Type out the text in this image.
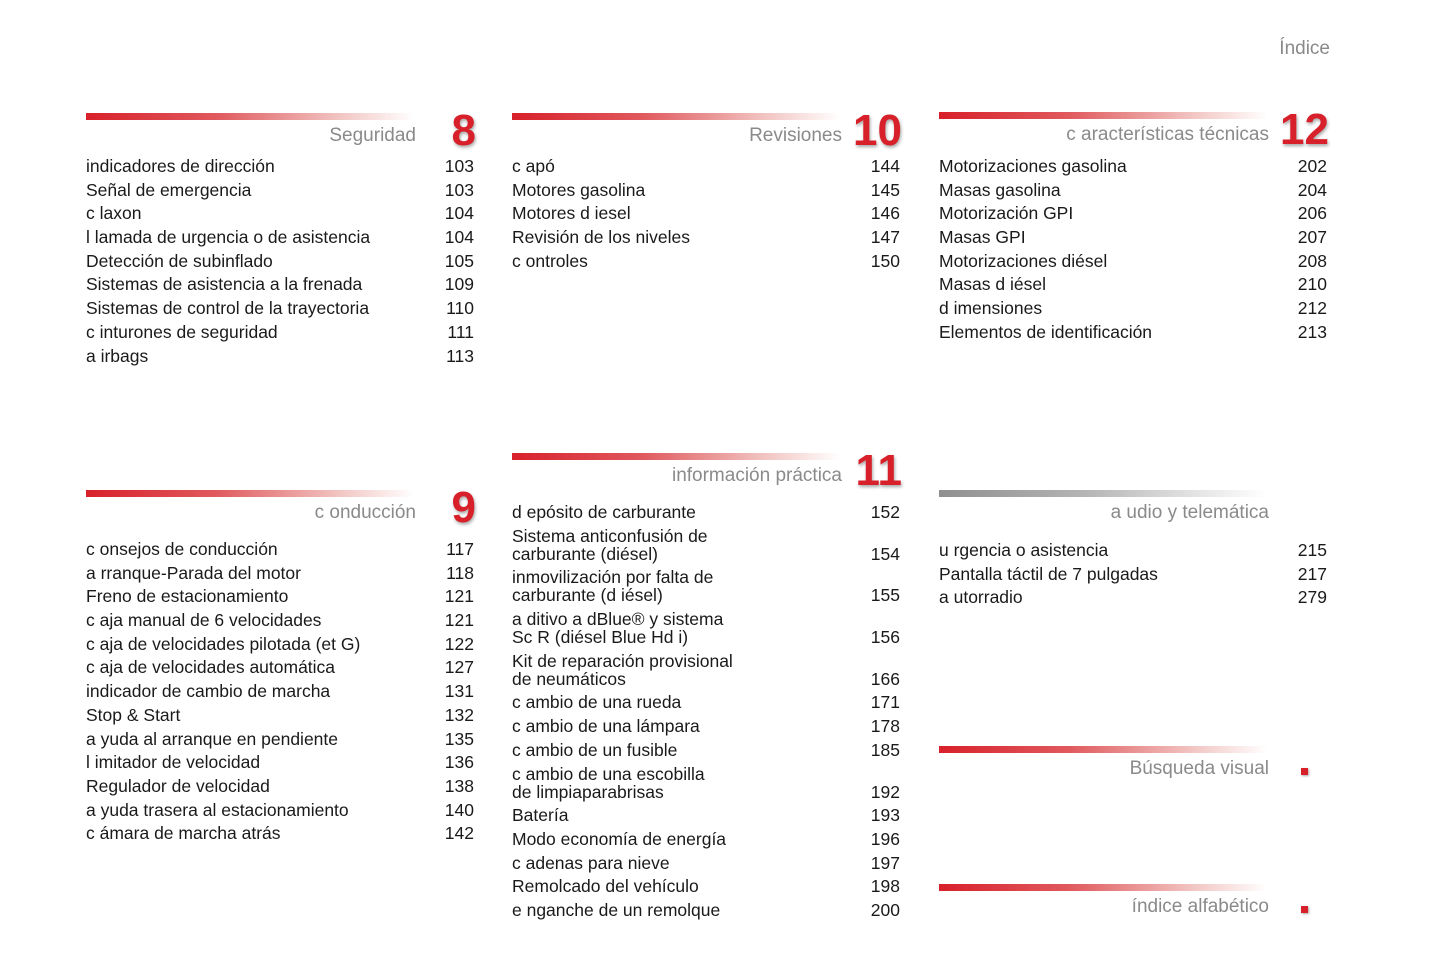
Índice
Seguridad 8
indicadores de dirección	103
Señal de emergencia	103
c laxon	104
l lamada de urgencia o de asistencia	104
Detección de subinflado	105
Sistemas de asistencia a la frenada	109
Sistemas de control de la trayectoria	110
c inturones de seguridad	111
a irbags	113
Revisiones 10
c apó	144
Motores gasolina	145
Motores d iesel	146
Revisión de los niveles	147
c ontroles	150
c aracterísticas técnicas 12
Motorizaciones gasolina	202
Masas gasolina	204
Motorización GPI	206
Masas GPI	207
Motorizaciones diésel	208
Masas d iésel	210
d imensiones	212
Elementos de identificación	213
c onducción 9
c onsejos de conducción	117
a rranque-Parada del motor	118
Freno de estacionamiento	121
c aja manual de 6 velocidades	121
c aja de velocidades pilotada (et G)	122
c aja de velocidades automática	127
indicador de cambio de marcha	131
Stop & Start	132
a yuda al arranque en pendiente	135
l imitador de velocidad	136
Regulador de velocidad	138
a yuda trasera al estacionamiento	140
c ámara de marcha atrás	142
información práctica 11
d epósito de carburante	152
Sistema anticonfusión de
carburante (diésel)	154
inmovilización por falta de
carburante (d iésel)	155
a ditivo a dBlue® y sistema
Sc R (diésel Blue Hd i)	156
Kit de reparación provisional
de neumáticos	166
c ambio de una rueda	171
c ambio de una lámpara	178
c ambio de un fusible	185
c ambio de una escobilla
de limpiaparabrisas	192
Batería	193
Modo economía de energía	196
c adenas para nieve	197
Remolcado del vehículo	198
e nganche de un remolque	200
a udio y telemática
u rgencia o asistencia	215
Pantalla táctil de 7 pulgadas	217
a utorradio	279
Búsqueda visual
índice alfabético
